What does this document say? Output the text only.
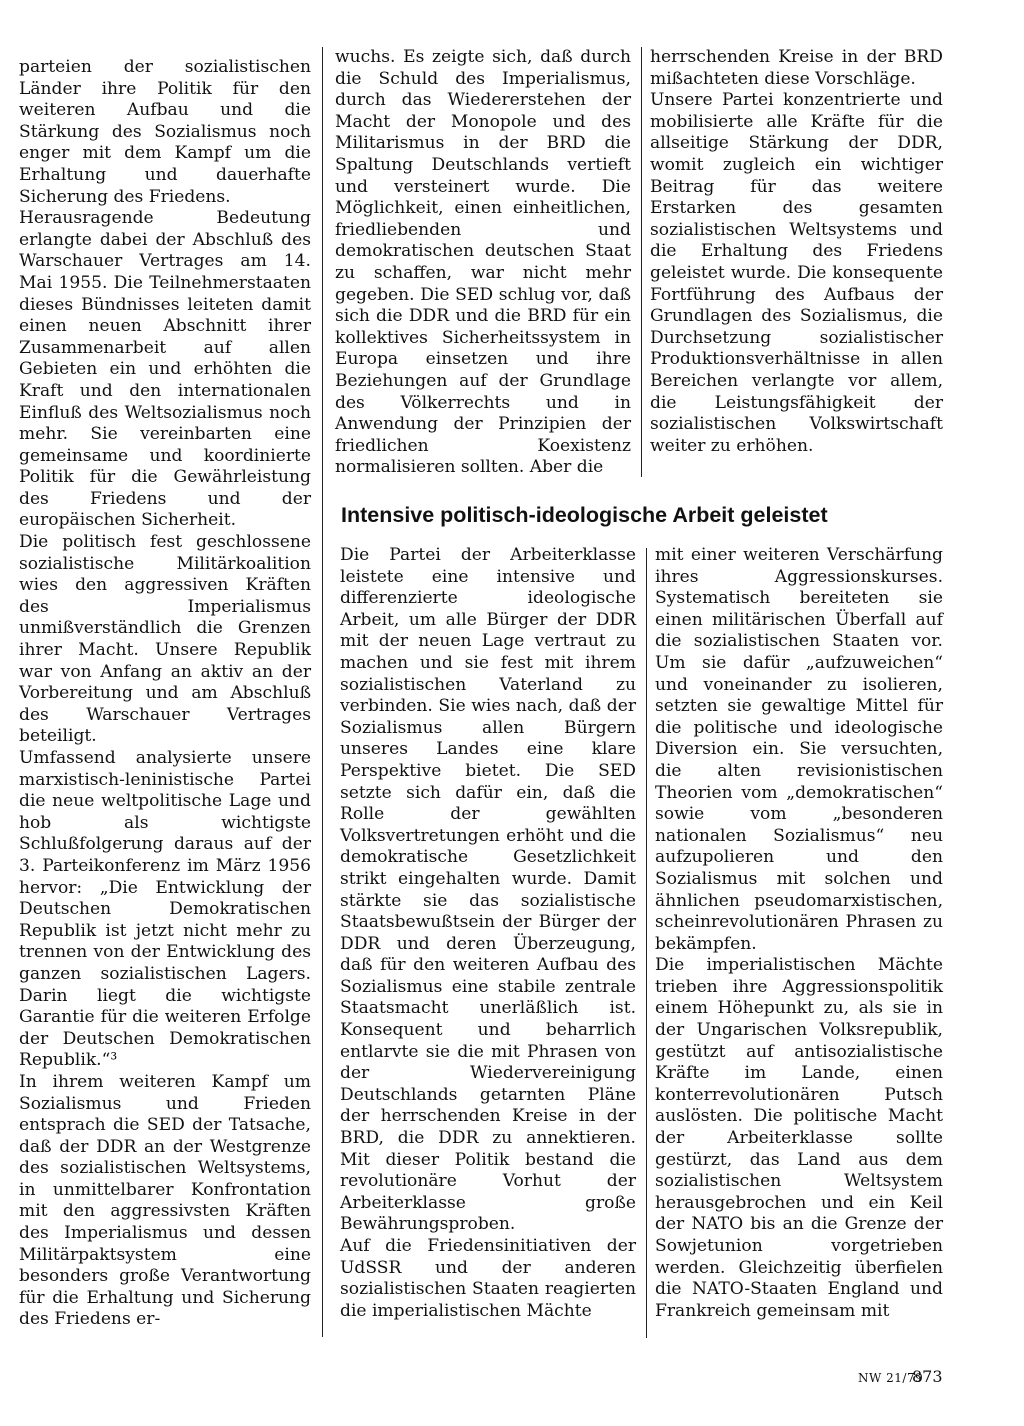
parteien der sozialistischen Länder ihre Politik für den weiteren Aufbau und die Stärkung des Sozialismus noch enger mit dem Kampf um die Erhaltung und dauerhafte Sicherung des Friedens.

Herausragende Bedeutung erlangte dabei der Abschluß des Warschauer Vertrages am 14. Mai 1955. Die Teilnehmerstaaten dieses Bündnisses leiteten damit einen neuen Abschnitt ihrer Zusammenarbeit auf allen Gebieten ein und erhöhten die Kraft und den internationalen Einfluß des Weltsozialismus noch mehr. Sie vereinbarten eine gemeinsame und koordinierte Politik für die Gewährleistung des Friedens und der europäischen Sicherheit.

Die politisch fest geschlossene sozialistische Militärkoalition wies den aggressiven Kräften des Imperialismus unmißverständlich die Grenzen ihrer Macht. Unsere Republik war von Anfang an aktiv an der Vorbereitung und am Abschluß des Warschauer Vertrages beteiligt.

Umfassend analysierte unsere marxistisch-leninistische Partei die neue weltpolitische Lage und hob als wichtigste Schlußfolgerung daraus auf der 3. Parteikonferenz im März 1956 hervor: „Die Entwicklung der Deutschen Demokratischen Republik ist jetzt nicht mehr zu trennen von der Entwicklung des ganzen sozialistischen Lagers. Darin liegt die wichtigste Garantie für die weiteren Erfolge der Deutschen Demokratischen Republik.“³

In ihrem weiteren Kampf um Sozialismus und Frieden entsprach die SED der Tatsache, daß der DDR an der Westgrenze des sozialistischen Weltsystems, in unmittelbarer Konfrontation mit den aggressivsten Kräften des Imperialismus und dessen Militärpaktsystem eine besonders große Verantwortung für die Erhaltung und Sicherung des Friedens er-

wuchs. Es zeigte sich, daß durch die Schuld des Imperialismus, durch das Wiedererstehen der Macht der Monopole und des Militarismus in der BRD die Spaltung Deutschlands vertieft und versteinert wurde. Die Möglichkeit, einen einheitlichen, friedliebenden und demokratischen deutschen Staat zu schaffen, war nicht mehr gegeben. Die SED schlug vor, daß sich die DDR und die BRD für ein kollektives Sicherheitssystem in Europa einsetzen und ihre Beziehungen auf der Grundlage des Völkerrechts und in Anwendung der Prinzipien der friedlichen Koexistenz normalisieren sollten. Aber die

herrschenden Kreise in der BRD mißachteten diese Vorschläge.

Unsere Partei konzentrierte und mobilisierte alle Kräfte für die allseitige Stärkung der DDR, womit zugleich ein wichtiger Beitrag für das weitere Erstarken des gesamten sozialistischen Weltsystems und die Erhaltung des Friedens geleistet wurde. Die konsequente Fortführung des Aufbaus der Grundlagen des Sozialismus, die Durchsetzung sozialistischer Produktionsverhältnisse in allen Bereichen verlangte vor allem, die Leistungsfähigkeit der sozialistischen Volkswirtschaft weiter zu erhöhen.

Intensive politisch-ideologische Arbeit geleistet

Die Partei der Arbeiterklasse leistete eine intensive und differenzierte ideologische Arbeit, um alle Bürger der DDR mit der neuen Lage vertraut zu machen und sie fest mit ihrem sozialistischen Vaterland zu verbinden. Sie wies nach, daß der Sozialismus allen Bürgern unseres Landes eine klare Perspektive bietet. Die SED setzte sich dafür ein, daß die Rolle der gewählten Volksvertretungen erhöht und die demokratische Gesetzlichkeit strikt eingehalten wurde. Damit stärkte sie das sozialistische Staatsbewußtsein der Bürger der DDR und deren Überzeugung, daß für den weiteren Aufbau des Sozialismus eine stabile zentrale Staatsmacht unerläßlich ist. Konsequent und beharrlich entlarvte sie die mit Phrasen von der Wiedervereinigung Deutschlands getarnten Pläne der herrschenden Kreise in der BRD, die DDR zu annektieren. Mit dieser Politik bestand die revolutionäre Vorhut der Arbeiterklasse große Bewährungsproben.

Auf die Friedensinitiativen der UdSSR und der anderen sozialistischen Staaten reagierten die imperialistischen Mächte

mit einer weiteren Verschärfung ihres Aggressionskurses. Systematisch bereiteten sie einen militärischen Überfall auf die sozialistischen Staaten vor. Um sie dafür „aufzuweichen“ und voneinander zu isolieren, setzten sie gewaltige Mittel für die politische und ideologische Diversion ein. Sie versuchten, die alten revisionistischen Theorien vom „demokratischen“ sowie vom „besonderen nationalen Sozialismus“ neu aufzupolieren und den Sozialismus mit solchen und ähnlichen pseudomarxistischen, scheinrevolutionären Phrasen zu bekämpfen.

Die imperialistischen Mächte trieben ihre Aggressionspolitik einem Höhepunkt zu, als sie in der Ungarischen Volksrepublik, gestützt auf antisozialistische Kräfte im Lande, einen konterrevolutionären Putsch auslösten. Die politische Macht der Arbeiterklasse sollte gestürzt, das Land aus dem sozialistischen Weltsystem herausgebrochen und ein Keil der NATO bis an die Grenze der Sowjetunion vorgetrieben werden. Gleichzeitig überfielen die NATO-Staaten England und Frankreich gemeinsam mit

NW 21/79
873
